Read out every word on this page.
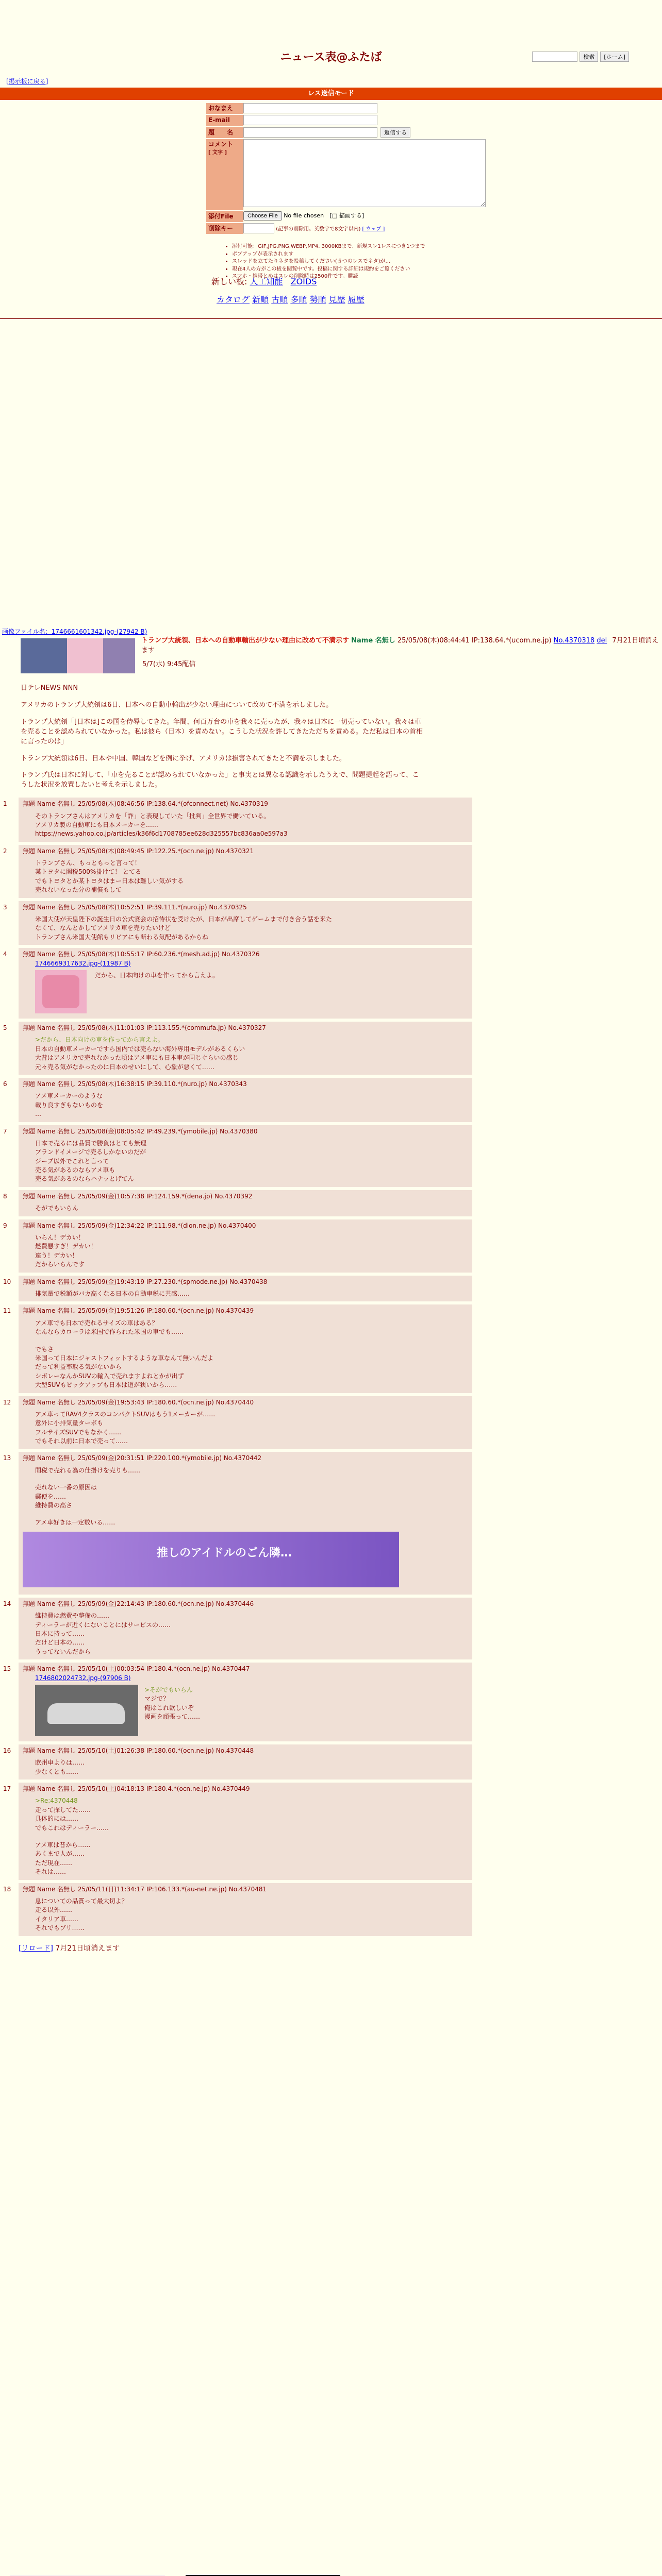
ニュース表@ふたば	検索	[ホーム]
[掲示板に戻る]
レス送信モード
おなまえ
E-mail
題　　名	返信する
コメント
[ 文字 ]
添付File	Choose File No file chosen [□ 描画する]
削除キー	(記事の削除用。英数字で8文字以内) [ ウェブ ]
• 添付可能：GIF,JPG,PNG,WEBP,MP4. 3000KBまで、新規スレ1レスにつき1つまで
• ポプアップが表示されます
• スレッドを立てたりネタを投稿してください(５つのレスでネタ)が…
• 現在4人の方がこの板を閲覧中です。投稿に関する詳細は規約をご覧ください
• スマホ・携帯とめはスレの削除時は2500件です。購読
新しい板: 人工知能 ZOIDS
カタログ 新順 古順 多順 勢順 見歴 履歴
画像ファイル名：1746661601342.jpg-(27942 B)
トランプ大統領、日本への自動車輸出が少ない理由に改めて不満示す Name 名無し 25/05/08(木)08:44:41 IP:138.64.*(ucom.ne.jp) No.4370318 del 7月21日頃消えます
5/7(水) 9:45配信

日テレNEWS NNN

アメリカのトランプ大統領は6日、日本への自動車輸出が少ない理由について改めて不満を示しました。

トランプ大統領「[日本は]この国を侍辱してきた。年間、何百万台の車を我々に売ったが、我々は日本に一切売っていない。我々は車を売ることを認められていなかった。私は彼ら（日本）を責めない。こうした状況を許してきたただちを責める。ただ私は日本の首相に言ったのは」

トランプ大統領は6日、日本や中国、韓国などを例に挙げ、アメリカは損害されてきたと不満を示しました。

トランプ氏は日本に対して、「車を売ることが認められていなかった」と事実とは異なる認識を示したうえで、問題提起を語って、こうした状況を放置したいと考えを示しました。

1	無題 Name 名無し 25/05/08(木)08:46:56 IP:138.64.*(ofconnect.net) No.4370319
そのトランプさんはアメリカを「詐」と表現していた「批判」全世界で働いている。
アメリカ製の自動車にも日本メーカーを……
https://news.yahoo.co.jp/articles/k36f6d1708785ee628d325557bc836aa0e597a3
2	無題 Name 名無し 25/05/08(木)08:49:45 IP:122.25.*(ocn.ne.jp) No.4370321
トランプさん、もっともっと言って！
某トヨタに関税500%掛けて！ とてる
でもトヨタとか某トヨタはまー日本は難しい気がする
売れないなった分の補償もして
3	無題 Name 名無し 25/05/08(木)10:52:51 IP:39.111.*(nuro.jp) No.4370325
米国大使が天皇陛下の誕生日の公式宴会の招待状を受けたが、日本が出席してゲームまで付き合う話を来た
なくて、なんとかしてアメリカ車を売りたいけど
トランプさん米国大使館もリビアにも断わる気配があるからね
4	無題 Name 名無し 25/05/08(木)10:55:17 IP:60.236.*(mesh.ad.jp) No.4370326
1746669317632.jpg-(11987 B)
だから、日本向けの車を作ってから言えよ。
5	無題 Name 名無し 25/05/08(木)11:01:03 IP:113.155.*(commufa.jp) No.4370327
>だから、日本向けの車を作ってから言えよ。
日本の自動車メーカーですら国内では売らない海外専用モデルがあるくらい
大昔はアメリカで売れなかった頃はアメ車にも日本車が同じぐらいの感じ
元々売る気がなかったのに日本のせいにして、心象が悪くて……
6	無題 Name 名無し 25/05/08(木)16:38:15 IP:39.110.*(nuro.jp) No.4370343
アメ車メーカーのような
載り良すぎもないものを
…
7	無題 Name 名無し 25/05/08(金)08:05:42 IP:49.239.*(ymobile.jp) No.4370380
日本で売るには品質で勝負はとても無理
ブランドイメージで売るしかないのだが
ジープ以外でこれと言って
売る気があるのならアメ車も
売る気があるのならハナッとげてん
8	無題 Name 名無し 25/05/09(金)10:57:38 IP:124.159.*(dena.jp) No.4370392
そがでもいらん
9	無題 Name 名無し 25/05/09(金)12:34:22 IP:111.98.*(dion.ne.jp) No.4370400
いらん！デカい！
燃費悪すぎ！デカい！
遠う！デカい！
だからいらんです
10 無題 Name 名無し 25/05/09(金)19:43:19 IP:27.230.*(spmode.ne.jp) No.4370438
排気量で税額がバカ高くなる日本の自動車税に共感……
11 無題 Name 名無し 25/05/09(金)19:51:26 IP:180.60.*(ocn.ne.jp) No.4370439
アメ車でも日本で売れるサイズの車はある？
なんならカローラは米国で作られた米国の車でも……
でもさ
米国って日本にジャストフィットするような車なんて無いんだよ
だって利益率取る気がないから
シボレーなんかSUVの輸入で売れますよねとかが出ず
大型SUVもピックアップも日本は道が狭いから……
12 無題 Name 名無し 25/05/09(金)19:53:43 IP:180.60.*(ocn.ne.jp) No.4370440
アメ車ってRAV4クラスのコンパクトSUVはもう1メーカーが……
意外に小排気量ターボも
フルサイズSUVでもなかく……
でもそれ以前に日本で売って……
13 無題 Name 名無し 25/05/09(金)20:31:51 IP:220.100.*(ymobile.jp) No.4370442
間税で売れる為の仕掛けを売りも……
売れない一番の原因は
郵便を……
維持費の高さ
アメ車好きは一定数いる……
推しのアイドルのごん隣…
14 無題 Name 名無し 25/05/09(金)22:14:43 IP:180.60.*(ocn.ne.jp) No.4370446
維持費は燃費や整備の……
ディーラーが近くにないことにはサービスの……
日本に持って……
だけど日本の……
うってないんだから
15 無題 Name 名無し 25/05/10(土)00:03:54 IP:180.4.*(ocn.ne.jp) No.4370447
1746802024732.jpg-(97906 B)
>そがでもいらん
マジで？
俺はこれ欲しいぞ
漫画を頑張って……
16 無題 Name 名無し 25/05/10(土)01:26:38 IP:180.60.*(ocn.ne.jp) No.4370448
欧州車よりは……
少なくとも……
17 無題 Name 名無し 25/05/10(土)04:18:13 IP:180.4.*(ocn.ne.jp) No.4370449
>Re:4370448
走って探してた……
具体的には……
でもこれはディーラー……
アメ車は昔から……
あくまで人が……
ただ現在……
それは……
18 無題 Name 名無し 25/05/11(日)11:34:17 IP:106.133.*(au-net.ne.jp) No.4370481
息についての品質って最大切よ？
走る以外……
イタリア車……
それでもブリ……
[リロード] 7月21日頃消えます
